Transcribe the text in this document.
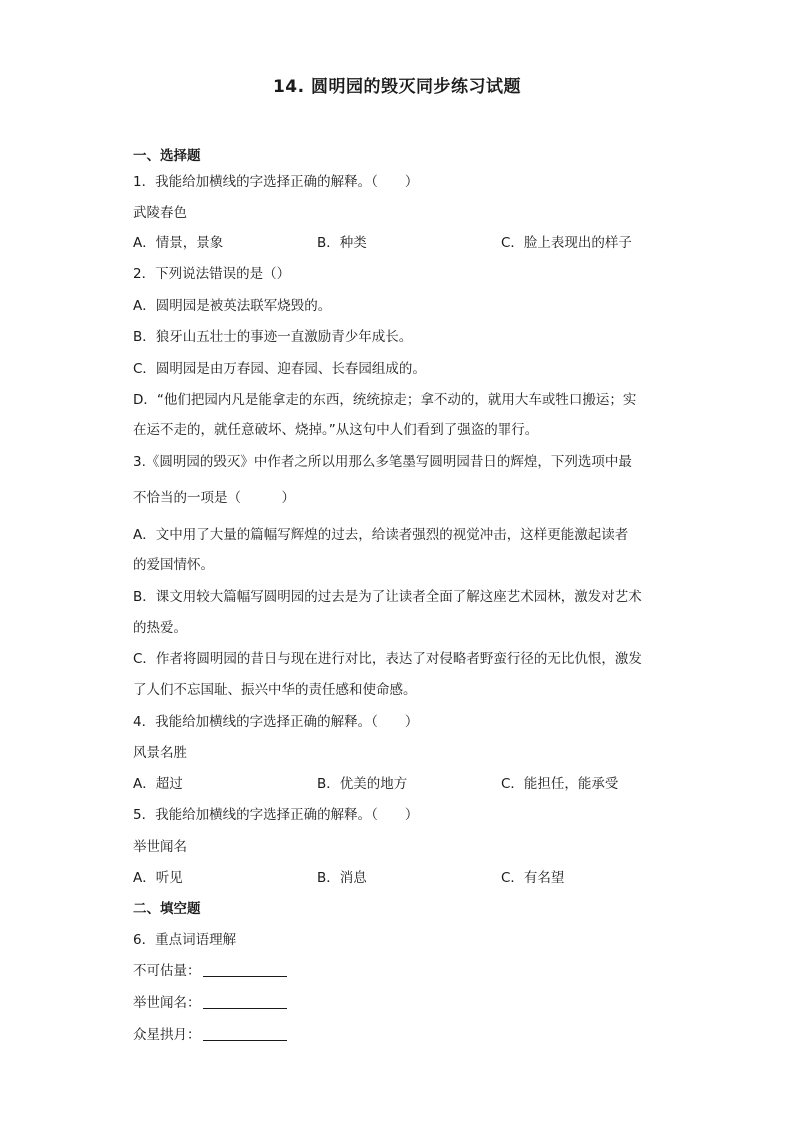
14. 圆明园的毁灭同步练习试题
一、选择题
1．我能给加横线的字选择正确的解释。（　　）
武陵春色
A．情景，景象	B．种类	C．脸上表现出的样子
2．下列说法错误的是（）
A．圆明园是被英法联军烧毁的。
B．狼牙山五壮士的事迹一直激励青少年成长。
C．圆明园是由万春园、迎春园、长春园组成的。
D．“他们把园内凡是能拿走的东西，统统掠走；拿不动的，就用大车或牲口搬运；实
在运不走的，就任意破坏、烧掉。”从这句中人们看到了强盗的罪行。
3.《圆明园的毁灭》中作者之所以用那么多笔墨写圆明园昔日的辉煌，下列选项中最
不恰当的一项是（　　　）
A．文中用了大量的篇幅写辉煌的过去，给读者强烈的视觉冲击，这样更能激起读者
的爱国情怀。
B．课文用较大篇幅写圆明园的过去是为了让读者全面了解这座艺术园林，激发对艺术
的热爱。
C．作者将圆明园的昔日与现在进行对比，表达了对侵略者野蛮行径的无比仇恨，激发
了人们不忘国耻、振兴中华的责任感和使命感。
4．我能给加横线的字选择正确的解释。（　　）
风景名胜
A．超过	B．优美的地方	C．能担任，能承受
5．我能给加横线的字选择正确的解释。（　　）
举世闻名
A．听见	B．消息	C．有名望
二、填空题
6．重点词语理解
不可估量：
举世闻名：
众星拱月：
